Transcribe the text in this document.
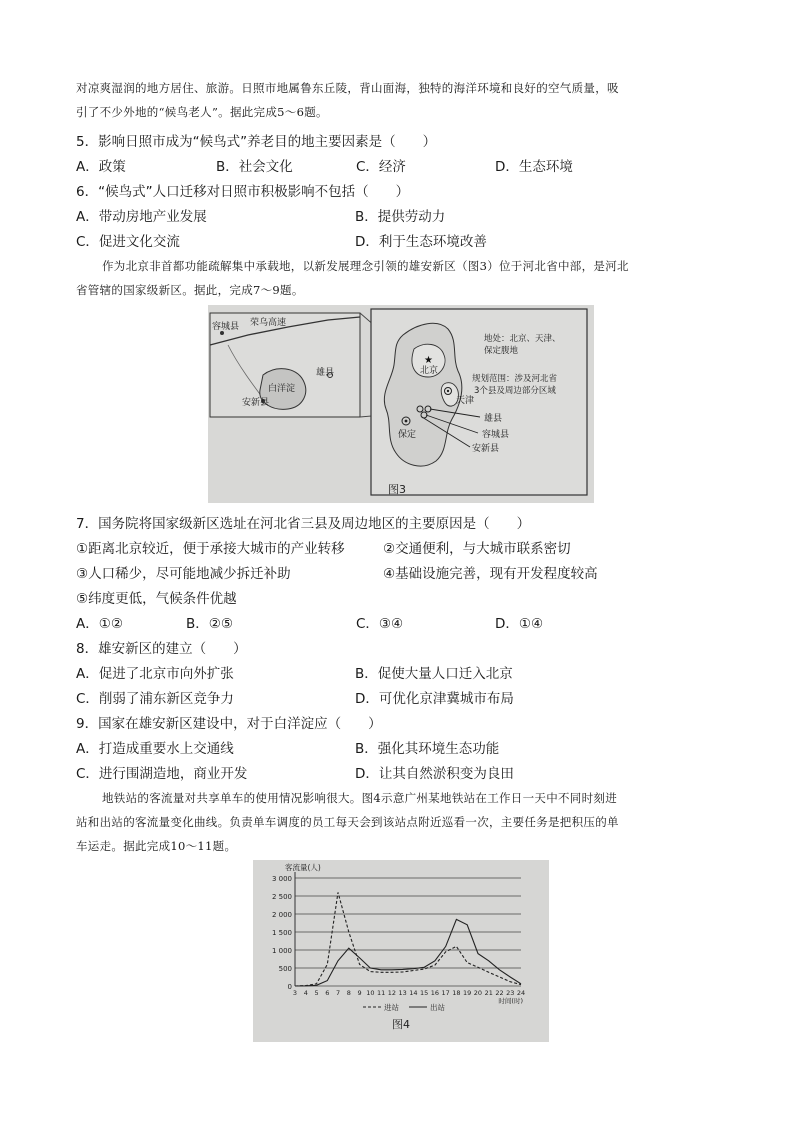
对凉爽湿润的地方居住、旅游。日照市地属鲁东丘陵，背山面海，独特的海洋环境和良好的空气质量，吸
引了不少外地的“候鸟老人”。据此完成5～6题。
5．影响日照市成为“候鸟式”养老目的地主要因素是（　　）
A．政策	B．社会文化	C．经济	D．生态环境
6．“候鸟式”人口迁移对日照市积极影响不包括（　　）
A．带动房地产业发展	B．提供劳动力
C．促进文化交流	D．利于生态环境改善
作为北京非首都功能疏解集中承载地，以新发展理念引领的雄安新区（图3）位于河北省中部，是河北
省管辖的国家级新区。据此，完成7～9题。
容城县 荣乌高速
雄县
白洋淀
安新县
★
北京
天津
保定
雄县
容城县
安新县
地处：北京、天津、
保定腹地
规划范围：涉及河北省
3个县及周边部分区域
图3
7．国务院将国家级新区选址在河北省三县及周边地区的主要原因是（　　）
①距离北京较近，便于承接大城市的产业转移	②交通便利，与大城市联系密切
③人口稀少，尽可能地减少拆迁补助	④基础设施完善，现有开发程度较高
⑤纬度更低，气候条件优越
A．①②	B．②⑤	C．③④	D．①④
8．雄安新区的建立（　　）
A．促进了北京市向外扩张	B．促使大量人口迁入北京
C．削弱了浦东新区竞争力	D．可优化京津冀城市布局
9．国家在雄安新区建设中，对于白洋淀应（　　）
A．打造成重要水上交通线	B．强化其环境生态功能
C．进行围湖造地，商业开发	D．让其自然淤积变为良田
地铁站的客流量对共享单车的使用情况影响很大。图4示意广州某地铁站在工作日一天中不同时刻进
站和出站的客流量变化曲线。负责单车调度的员工每天会到该站点附近巡看一次，主要任务是把积压的单
车运走。据此完成10～11题。
3 000
2 500
2 000
1 500
1 000
500
0
客流量(人)
3 4 5 6 7 8 9 10 11 12 13 14 15 16 17 18 19 20 21 22 23 24
时间(时)
进站	出站
图4
